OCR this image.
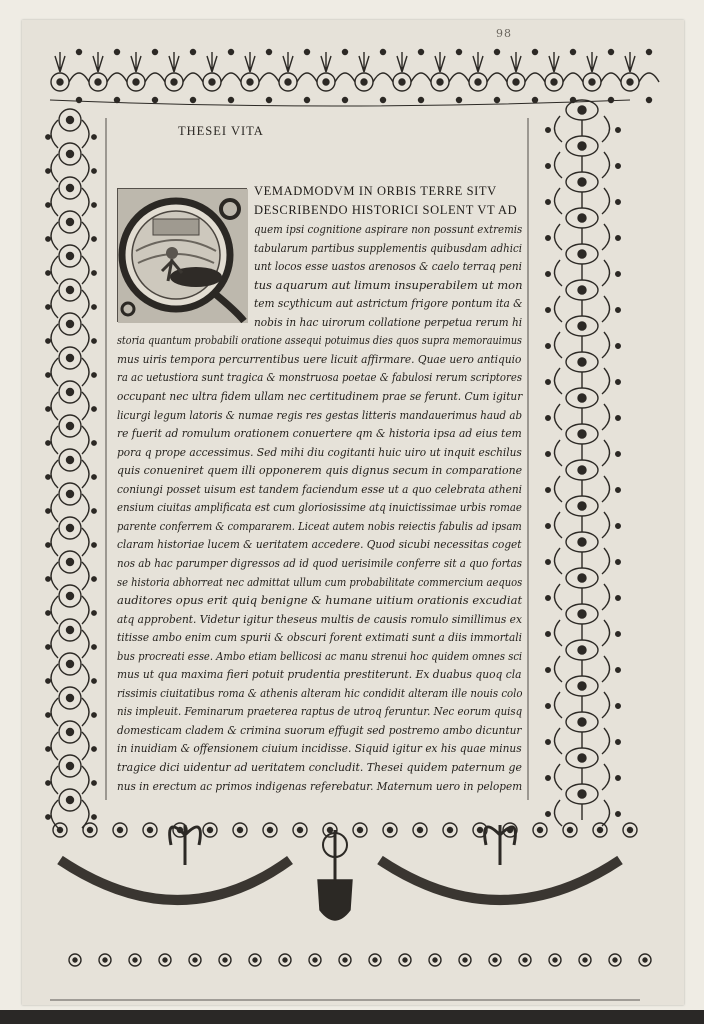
98
THESEI VITA
VEMADMODVM IN ORBIS TERRE SITV
DESCRIBENDO HISTORICI SOLENT VT AD
quem ipsi cognitione aspirare non possunt extremis
tabularum partibus supplementis quibusdam adhici
unt locos esse uastos arenosos & caelo terraq peni
tus aquarum aut limum insuperabilem ut mon
tem scythicum aut astrictum frigore pontum ita &
nobis in hac uirorum collatione perpetua rerum hi
storia quantum probabili oratione assequi potuimus dies quos supra memorauimus
mus uiris tempora percurrentibus uere licuit affirmare. Quae uero antiquio
ra ac uetustiora sunt tragica & monstruosa poetae & fabulosi rerum scriptores
occupant nec ultra fidem ullam nec certitudinem prae se ferunt. Cum igitur
licurgi legum latoris & numae regis res gestas litteris mandauerimus haud ab
re fuerit ad romulum orationem conuertere qm & historia ipsa ad eius tem
pora q prope accessimus. Sed mihi diu cogitanti huic uiro ut inquit eschilus
quis conueniret quem illi opponerem quis dignus secum in comparatione
coniungi posset uisum est tandem faciendum esse ut a quo celebrata atheni
ensium ciuitas amplificata est cum gloriosissime atq inuictissimae urbis romae
parente conferrem & compararem. Liceat autem nobis reiectis fabulis ad ipsam
claram historiae lucem & ueritatem accedere. Quod sicubi necessitas coget
nos ab hac parumper digressos ad id quod uerisimile conferre sit a quo fortas
se historia abhorreat nec admittat ullum cum probabilitate commercium aequos
auditores opus erit quiq benigne & humane uitium orationis excudiat
atq approbent. Videtur igitur theseus multis de causis romulo simillimus ex
titisse ambo enim cum spurii & obscuri forent extimati sunt a diis immortali
bus procreati esse. Ambo etiam bellicosi ac manu strenui hoc quidem omnes sci
mus ut qua maxima fieri potuit prudentia prestiterunt. Ex duabus quoq cla
rissimis ciuitatibus roma & athenis alteram hic condidit alteram ille nouis colo
nis impleuit. Feminarum praeterea raptus de utroq feruntur. Nec eorum quisq
domesticam cladem & crimina suorum effugit sed postremo ambo dicuntur
in inuidiam & offensionem ciuium incidisse. Siquid igitur ex his quae minus
tragice dici uidentur ad ueritatem concludit. Thesei quidem paternum ge
nus in erectum ac primos indigenas referebatur. Maternum uero in pelopem
